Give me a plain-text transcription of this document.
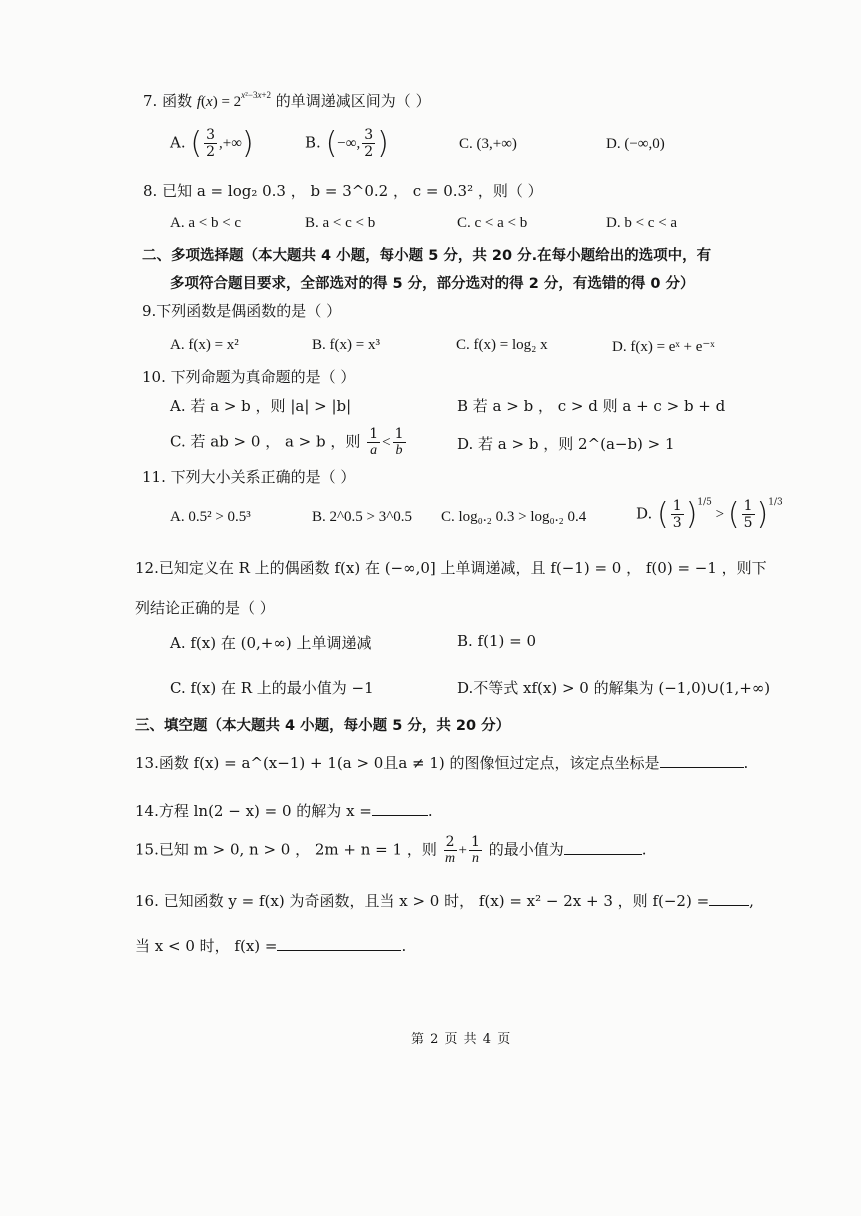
7. 函数 $f(x) = 2^{x^2-3x+2}$ 的单调递减区间为（ ）
A. ( $\frac{3}{2}$ ,+∞)	B. (−∞, $\frac{3}{2}$ )	C. (3,+∞)	D. (−∞,0)
8. 已知 a = log₂ 0.3 ， b = 3^0.2 ， c = 0.3² ，则（ ）
A. a < b < c	B. a < c < b	C. c < a < b	D. b < c < a
二、多项选择题（本大题共 4 小题，每小题 5 分，共 20 分.在每小题给出的选项中，有
多项符合题目要求，全部选对的得 5 分，部分选对的得 2 分，有选错的得 0 分）
9.下列函数是偶函数的是（ ）
A. f(x) = x²	B. f(x) = x³	C. f(x) = log₂ x	D. f(x) = eˣ + e⁻ˣ
10. 下列命题为真命题的是（ ）
A. 若 a > b ，则 |a| > |b|	B 若 a > b ， c > d 则 a + c > b + d
C. 若 ab > 0 ， a > b ，则 $\frac{1}{a} < \frac{1}{b}$	D. 若 a > b ，则 2^(a−b) > 1
11. 下列大小关系正确的是（ ）
A. 0.5² > 0.5³	B. 2^0.5 > 3^0.5 C. log₀.₂ 0.3 > log₀.₂ 0.4	D. ( $\frac{1}{3} )^{1/5}$ > ( $\frac{1}{5} )^{1/3}$
12.已知定义在 R 上的偶函数 f(x) 在 (−∞,0] 上单调递减，且 f(−1) = 0 ， f(0) = −1 ，则下
列结论正确的是（ ）
A. f(x) 在 (0,+∞) 上单调递减	B. f(1) = 0
C. f(x) 在 R 上的最小值为 −1	D.不等式 xf(x) > 0 的解集为 (−1,0)∪(1,+∞)
三、填空题（本大题共 4 小题，每小题 5 分，共 20 分）
13.函数 f(x) = a^(x−1) + 1(a > 0且a ≠ 1) 的图像恒过定点，该定点坐标是	.
14.方程 ln(2 − x) = 0 的解为 x =	.
15.已知 m > 0, n > 0 ， 2m + n = 1 ，则 $\frac{2}{m} + \frac{1}{n}$ 的最小值为	.
16. 已知函数 y = f(x) 为奇函数，且当 x > 0 时， f(x) = x² − 2x + 3 ，则 f(−2) =	,
当 x < 0 时， f(x) =	.
第 2 页 共 4 页
